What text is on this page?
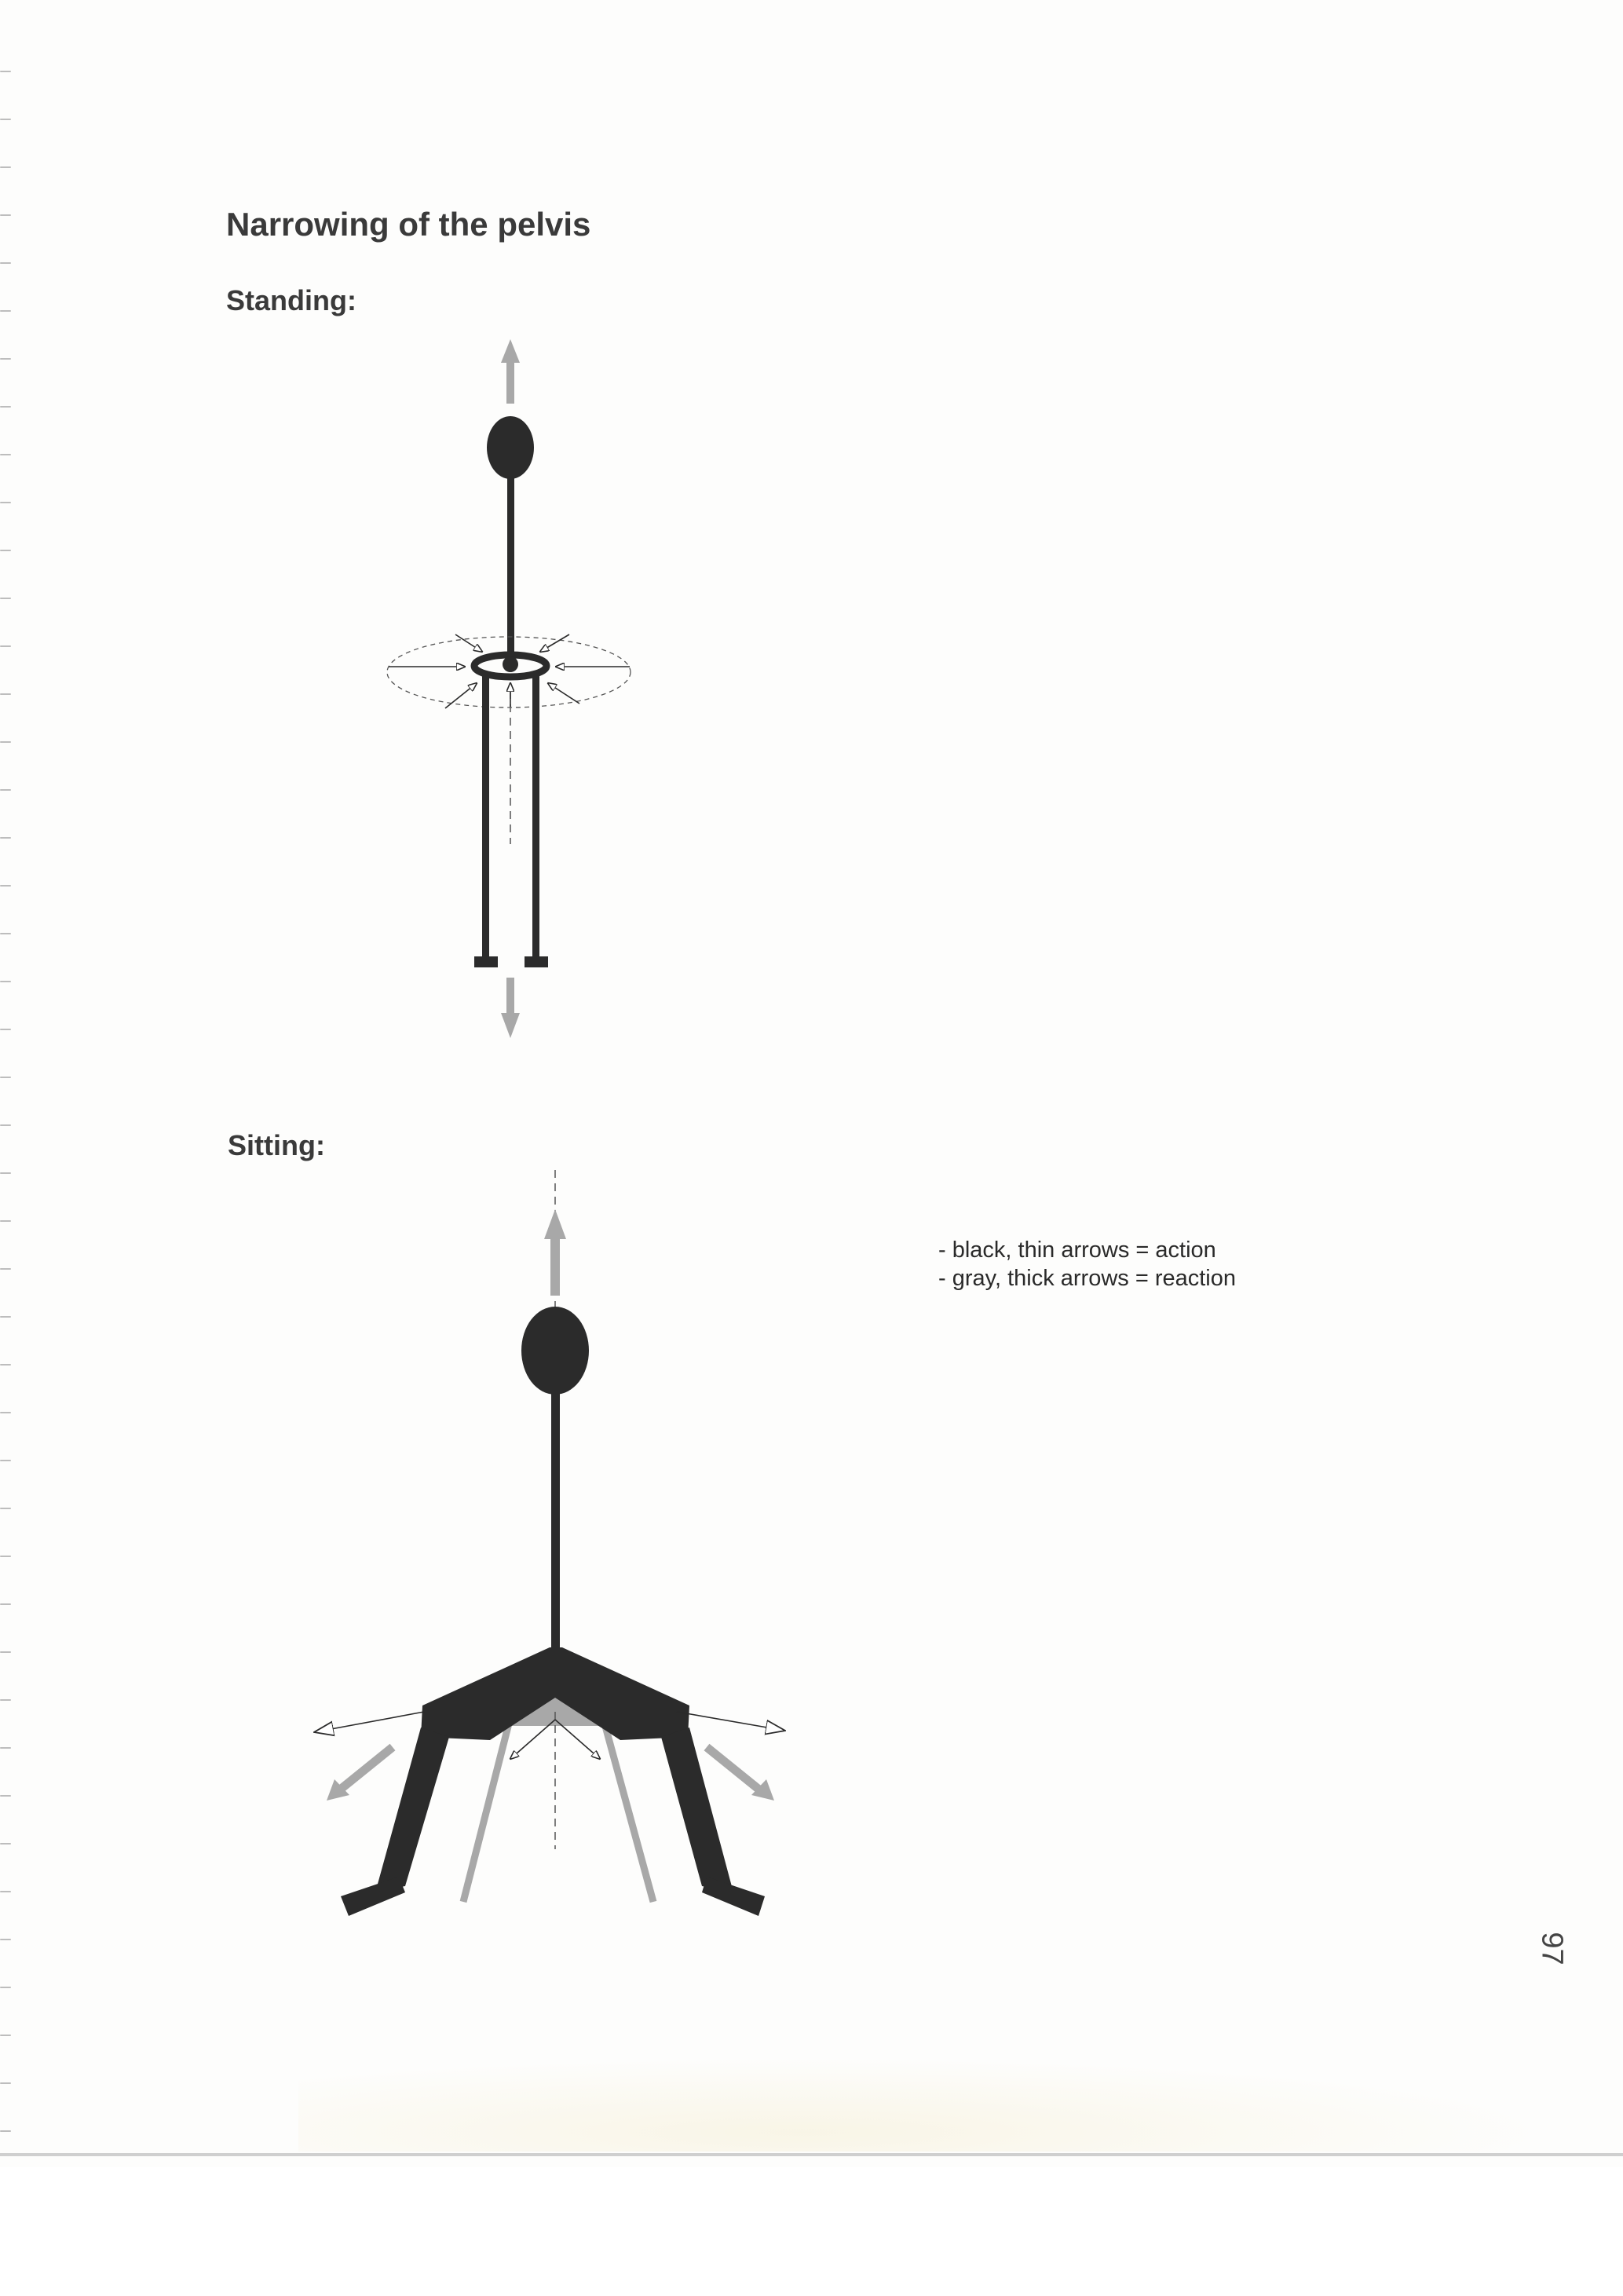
Narrowing of the pelvis
Standing:
Sitting:
- black, thin arrows = action
- gray, thick arrows = reaction
97
